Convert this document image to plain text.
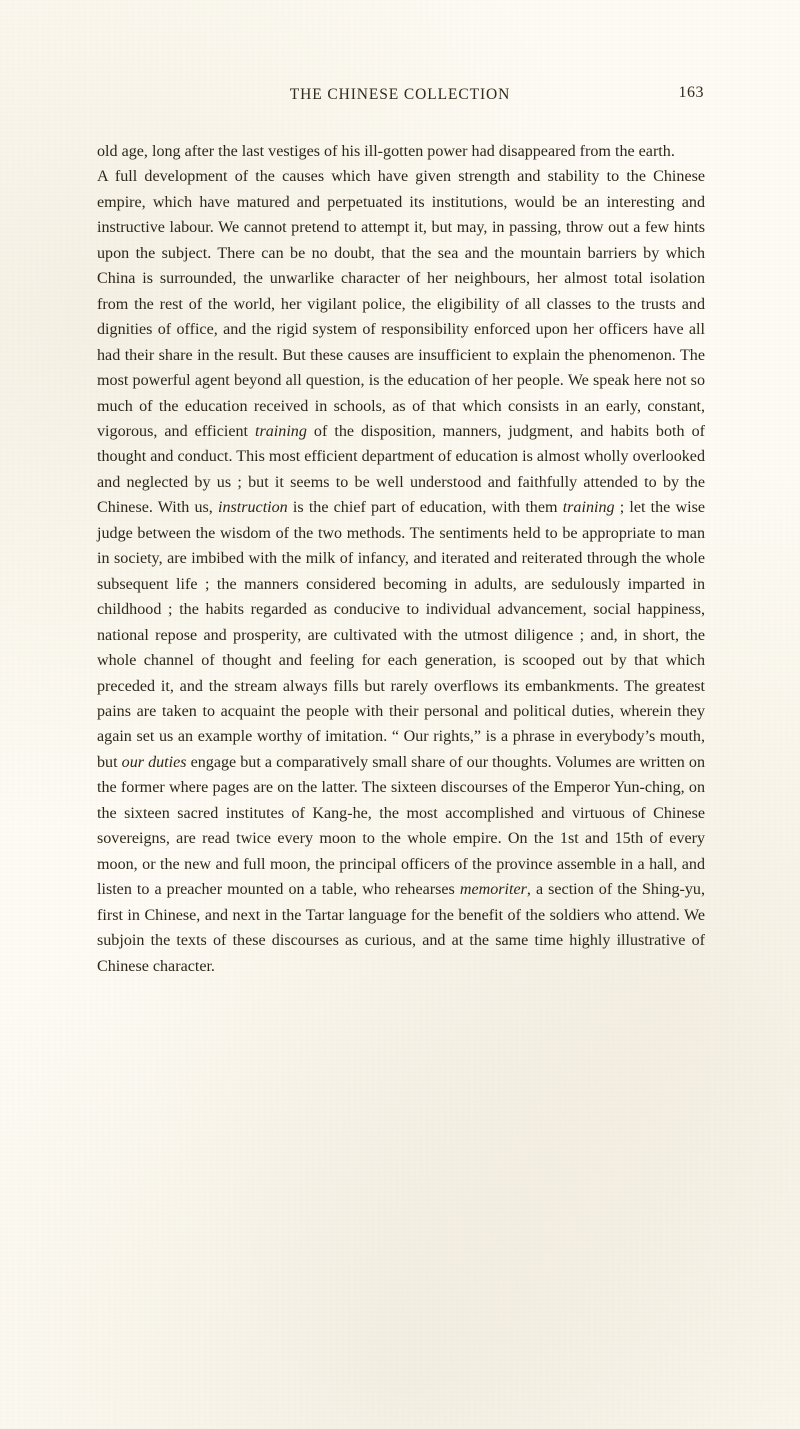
THE CHINESE COLLECTION	163

old age, long after the last vestiges of his ill-gotten power had disappeared from the earth.

A full development of the causes which have given strength and stability to the Chinese empire, which have matured and perpetuated its institutions, would be an interesting and instructive labour. We cannot pretend to attempt it, but may, in passing, throw out a few hints upon the subject. There can be no doubt, that the sea and the mountain barriers by which China is surrounded, the unwarlike character of her neighbours, her almost total isolation from the rest of the world, her vigilant police, the eligibility of all classes to the trusts and dignities of office, and the rigid system of responsibility enforced upon her officers have all had their share in the result. But these causes are insufficient to explain the phenomenon. The most powerful agent beyond all question, is the education of her people. We speak here not so much of the education received in schools, as of that which consists in an early, constant, vigorous, and efficient training of the disposition, manners, judgment, and habits both of thought and conduct. This most efficient department of education is almost wholly overlooked and neglected by us ; but it seems to be well understood and faithfully attended to by the Chinese. With us, instruction is the chief part of education, with them training ; let the wise judge between the wisdom of the two methods. The sentiments held to be appropriate to man in society, are imbibed with the milk of infancy, and iterated and reiterated through the whole subsequent life ; the manners considered becoming in adults, are sedulously imparted in childhood ; the habits regarded as conducive to individual advancement, social happiness, national repose and prosperity, are cultivated with the utmost diligence ; and, in short, the whole channel of thought and feeling for each generation, is scooped out by that which preceded it, and the stream always fills but rarely overflows its embankments. The greatest pains are taken to acquaint the people with their personal and political duties, wherein they again set us an example worthy of imitation. “ Our rights,” is a phrase in everybody’s mouth, but our duties engage but a comparatively small share of our thoughts. Volumes are written on the former where pages are on the latter. The sixteen discourses of the Emperor Yun-ching, on the sixteen sacred institutes of Kang-he, the most accomplished and virtuous of Chinese sovereigns, are read twice every moon to the whole empire. On the 1st and 15th of every moon, or the new and full moon, the principal officers of the province assemble in a hall, and listen to a preacher mounted on a table, who rehearses memoriter, a section of the Shing-yu, first in Chinese, and next in the Tartar language for the benefit of the soldiers who attend. We subjoin the texts of these discourses as curious, and at the same time highly illustrative of Chinese character.
